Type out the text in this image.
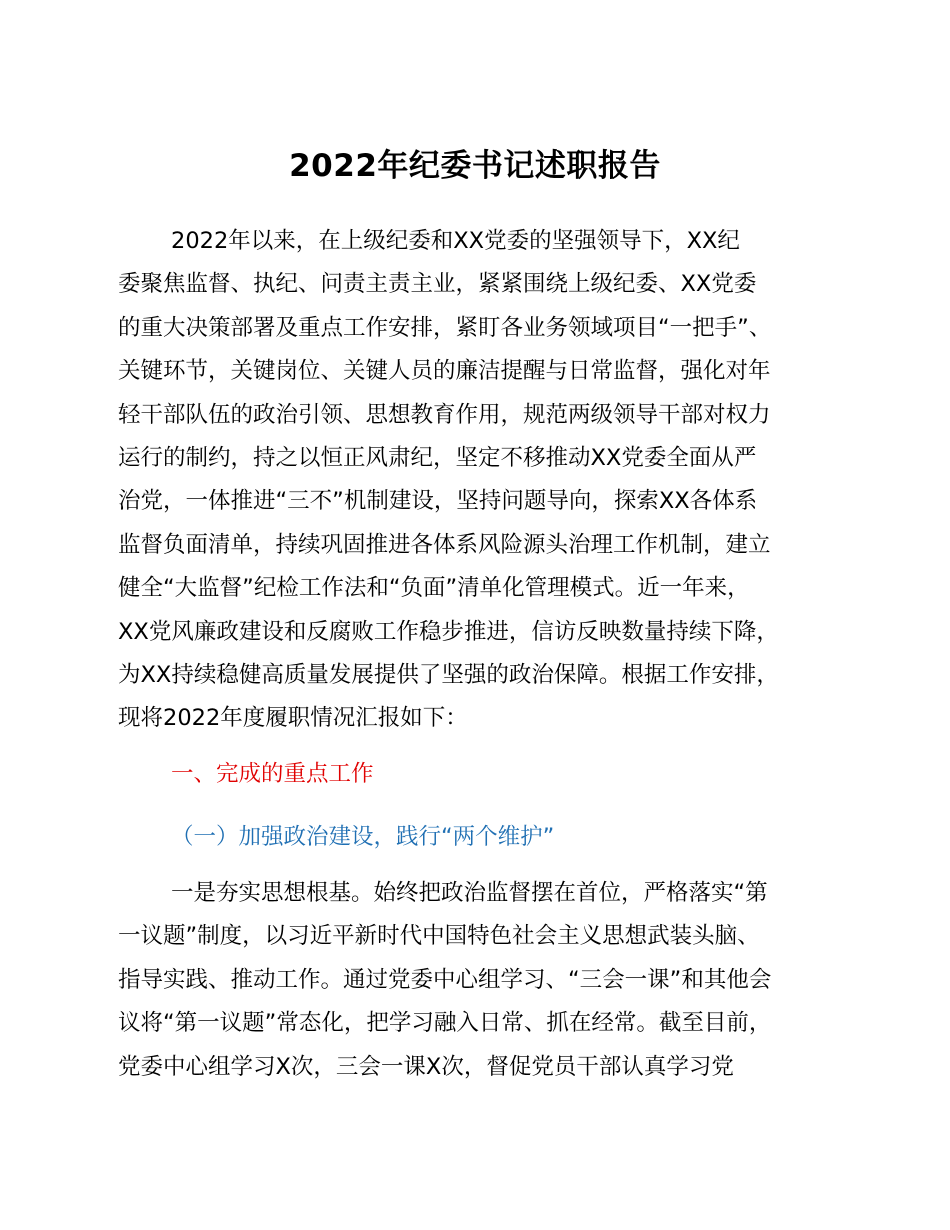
2022年纪委书记述职报告
2022年以来，在上级纪委和XX党委的坚强领导下，XX纪
委聚焦监督、执纪、问责主责主业，紧紧围绕上级纪委、XX党委
的重大决策部署及重点工作安排，紧盯各业务领域项目“一把手”、
关键环节，关键岗位、关键人员的廉洁提醒与日常监督，强化对年
轻干部队伍的政治引领、思想教育作用，规范两级领导干部对权力
运行的制约，持之以恒正风肃纪，坚定不移推动XX党委全面从严
治党，一体推进“三不”机制建设，坚持问题导向，探索XX各体系
监督负面清单，持续巩固推进各体系风险源头治理工作机制，建立
健全“大监督”纪检工作法和“负面”清单化管理模式。近一年来，
XX党风廉政建设和反腐败工作稳步推进，信访反映数量持续下降，
为XX持续稳健高质量发展提供了坚强的政治保障。根据工作安排，
现将2022年度履职情况汇报如下：
一、完成的重点工作
（一）加强政治建设，践行“两个维护”
一是夯实思想根基。始终把政治监督摆在首位，严格落实“第
一议题”制度，以习近平新时代中国特色社会主义思想武装头脑、
指导实践、推动工作。通过党委中心组学习、“三会一课”和其他会
议将“第一议题”常态化，把学习融入日常、抓在经常。截至目前，
党委中心组学习X次，三会一课X次，督促党员干部认真学习党
